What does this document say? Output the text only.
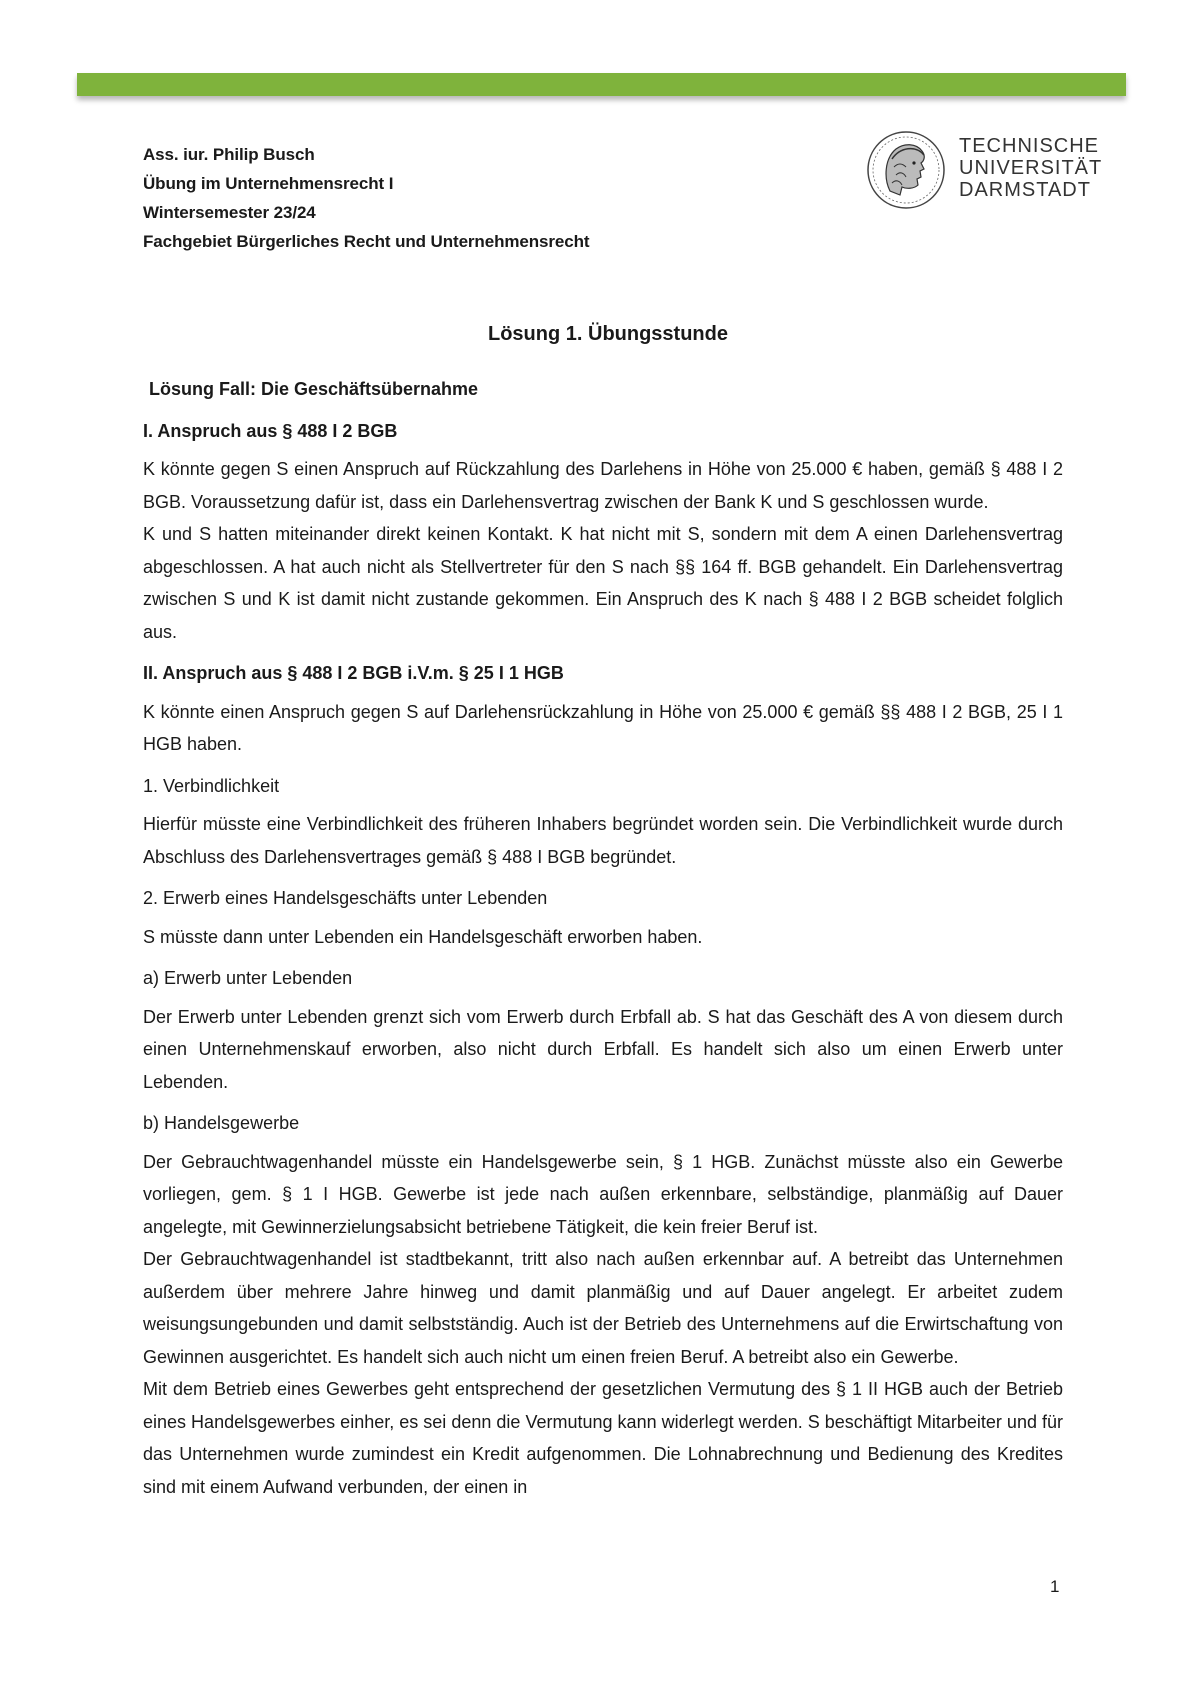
Ass. iur. Philip Busch
Übung im Unternehmensrecht I
Wintersemester 23/24
Fachgebiet Bürgerliches Recht und Unternehmensrecht
TECHNISCHE
UNIVERSITÄT
DARMSTADT
Lösung 1. Übungsstunde
Lösung Fall: Die Geschäftsübernahme
I. Anspruch aus § 488 I 2 BGB
K könnte gegen S einen Anspruch auf Rückzahlung des Darlehens in Höhe von 25.000 € haben, gemäß § 488 I 2 BGB. Voraussetzung dafür ist, dass ein Darlehensvertrag zwischen der Bank K und S geschlossen wurde.
K und S hatten miteinander direkt keinen Kontakt. K hat nicht mit S, sondern mit dem A einen Darlehensvertrag abgeschlossen. A hat auch nicht als Stellvertreter für den S nach §§ 164 ff. BGB gehandelt. Ein Darlehensvertrag zwischen S und K ist damit nicht zustande gekommen. Ein Anspruch des K nach § 488 I 2 BGB scheidet folglich aus.
II. Anspruch aus § 488 I 2 BGB i.V.m. § 25 I 1 HGB
K könnte einen Anspruch gegen S auf Darlehensrückzahlung in Höhe von 25.000 € gemäß §§ 488 I 2 BGB, 25 I 1 HGB haben.
1. Verbindlichkeit
Hierfür müsste eine Verbindlichkeit des früheren Inhabers begründet worden sein. Die Verbindlichkeit wurde durch Abschluss des Darlehensvertrages gemäß § 488 I BGB begründet.
2. Erwerb eines Handelsgeschäfts unter Lebenden
S müsste dann unter Lebenden ein Handelsgeschäft erworben haben.
a) Erwerb unter Lebenden
Der Erwerb unter Lebenden grenzt sich vom Erwerb durch Erbfall ab. S hat das Geschäft des A von diesem durch einen Unternehmenskauf erworben, also nicht durch Erbfall. Es handelt sich also um einen Erwerb unter Lebenden.
b) Handelsgewerbe
Der Gebrauchtwagenhandel müsste ein Handelsgewerbe sein, § 1 HGB. Zunächst müsste also ein Gewerbe vorliegen, gem. § 1 I HGB. Gewerbe ist jede nach außen erkennbare, selbständige, planmäßig auf Dauer angelegte, mit Gewinnerzielungsabsicht betriebene Tätigkeit, die kein freier Beruf ist.
Der Gebrauchtwagenhandel ist stadtbekannt, tritt also nach außen erkennbar auf. A betreibt das Unternehmen außerdem über mehrere Jahre hinweg und damit planmäßig und auf Dauer angelegt. Er arbeitet zudem weisungsungebunden und damit selbstständig. Auch ist der Betrieb des Unternehmens auf die Erwirtschaftung von Gewinnen ausgerichtet. Es handelt sich auch nicht um einen freien Beruf. A betreibt also ein Gewerbe.
Mit dem Betrieb eines Gewerbes geht entsprechend der gesetzlichen Vermutung des § 1 II HGB auch der Betrieb eines Handelsgewerbes einher, es sei denn die Vermutung kann widerlegt werden. S beschäftigt Mitarbeiter und für das Unternehmen wurde zumindest ein Kredit aufgenommen. Die Lohnabrechnung und Bedienung des Kredites sind mit einem Aufwand verbunden, der einen in
1
